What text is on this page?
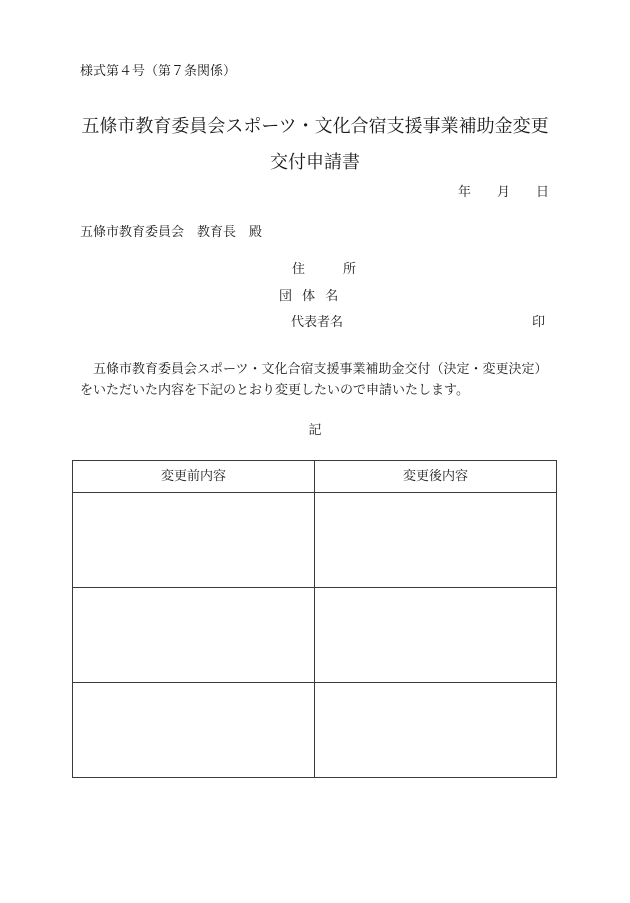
様式第４号（第７条関係）
五條市教育委員会スポーツ・文化合宿支援事業補助金変更
交付申請書
年　　月　　日
五條市教育委員会　教育長　殿
住　　所
団 体 名
代表者名	印
　五條市教育委員会スポーツ・文化合宿支援事業補助金交付（決定・変更決定）
をいただいた内容を下記のとおり変更したいので申請いたします。
記
変更前内容	変更後内容
